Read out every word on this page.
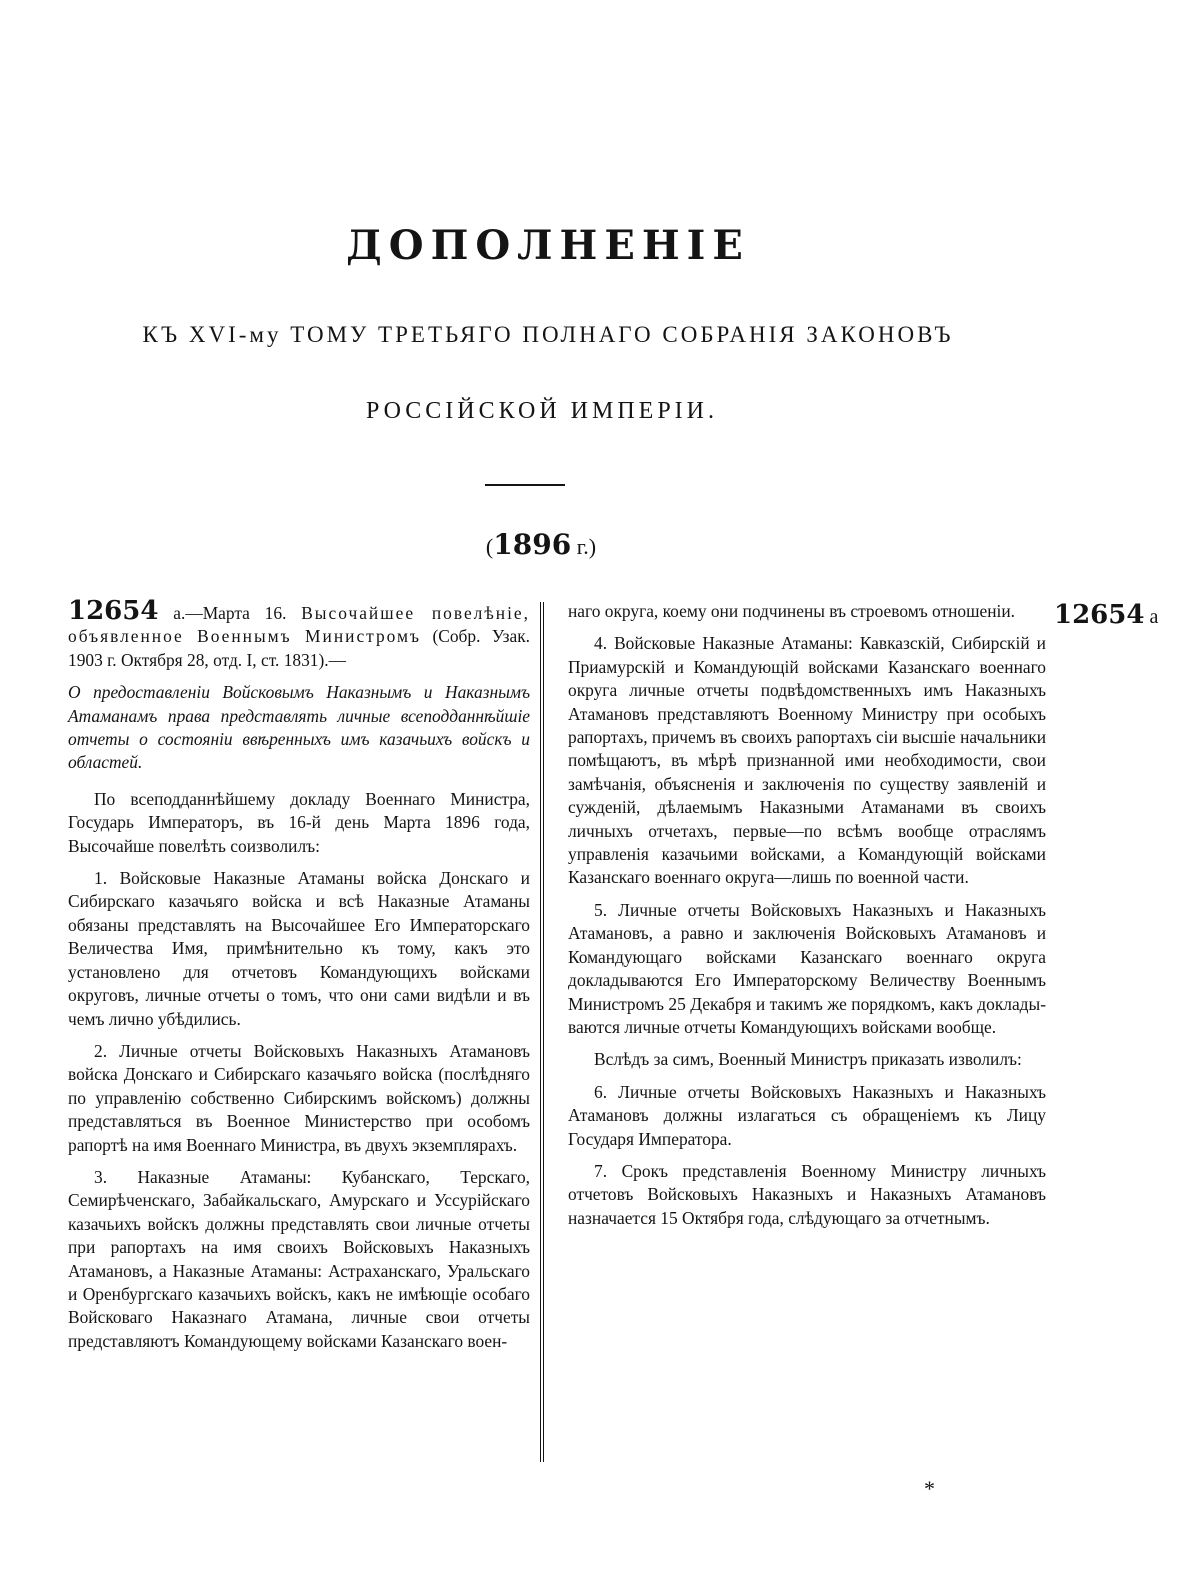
ДОПОЛНЕНІЕ
КЪ XVI-му ТОМУ ТРЕТЬЯГО ПОЛНАГО СОБРАНІЯ ЗАКОНОВЪ
РОССІЙСКОЙ ИМПЕРІИ.
(1896 г.)

12654 а.—Марта 16. Высочайшее повелѣніе, объявленное Военнымъ Министромъ (Собр. Узак. 1903 г. Октября 28, отд. I, ст. 1831).—

О предоставленіи Войсковымъ Наказнымъ и Наказнымъ Атаманамъ права представлять личные всеподданнѣйшіе отчеты о состояніи ввѣренныхъ имъ казачьихъ войскъ и областей.

По всеподданнѣйшему докладу Военнаго Министра, Государь Императоръ, въ 16-й день Марта 1896 года, Высочайше повелѣть соизволилъ:

1. Войсковые Наказные Атаманы войска Донскаго и Сибирскаго казачьяго войска и всѣ Наказные Атаманы обязаны представлять на Высочайшее Его Императорскаго Величества Имя, примѣнительно къ тому, какъ это установлено для отчетовъ Командующихъ войсками округовъ, личные отчеты о томъ, что они сами видѣли и въ чемъ лично убѣдились.

2. Личные отчеты Войсковыхъ Наказныхъ Атамановъ войска Донскаго и Сибирскаго казачьяго войска (послѣдняго по управленію собственно Сибирскимъ войскомъ) должны представляться въ Военное Министерство при особомъ рапортѣ на имя Военнаго Министра, въ двухъ экземплярахъ.

3. Наказные Атаманы: Кубанскаго, Терскаго, Семирѣченскаго, Забайкальскаго, Амурскаго и Уссурійскаго казачьихъ войскъ должны представлять свои личные отчеты при рапортахъ на имя своихъ Войсковыхъ Наказныхъ Атамановъ, а Наказные Атаманы: Астраханскаго, Уральскаго и Оренбургскаго казачьихъ войскъ, какъ не имѣющіе особаго Войсковаго Наказнаго Атамана, личные свои отчеты представляютъ Командующему войсками Казанскаго воен-

наго округа, коему они подчинены въ строевомъ отношеніи.

4. Войсковые Наказные Атаманы: Кавказскій, Сибирскій и Приамурскій и Командующій войсками Казанскаго военнаго округа личные отчеты подвѣдомственныхъ имъ Наказныхъ Атамановъ представляютъ Военному Министру при особыхъ рапортахъ, причемъ въ своихъ рапортахъ сіи высшіе начальники помѣщаютъ, въ мѣрѣ признанной ими необходимости, свои замѣчанія, объясненія и заключенія по существу заявленій и сужденій, дѣлаемымъ Наказными Атаманами въ своихъ личныхъ отчетахъ, первые—по всѣмъ вообще отраслямъ управленія казачьими войсками, а Командующій войсками Казанскаго военнаго округа—лишь по военной части.

5. Личные отчеты Войсковыхъ Наказныхъ и Наказныхъ Атамановъ, а равно и заключенія Войсковыхъ Атамановъ и Командующаго войсками Казанскаго военнаго округа докладываются Его Императорскому Величеству Военнымъ Министромъ 25 Декабря и такимъ же порядкомъ, какъ доклады-ваются личные отчеты Командующихъ войсками вообще.

Вслѣдъ за симъ, Военный Министръ приказать изволилъ:

6. Личные отчеты Войсковыхъ Наказныхъ и Наказныхъ Атамановъ должны излагаться съ обращеніемъ къ Лицу Государя Императора.

7. Срокъ представленія Военному Министру личныхъ отчетовъ Войсковыхъ Наказныхъ и Наказныхъ Атамановъ назначается 15 Октября года, слѣдующаго за отчетнымъ.

12654 а
*
